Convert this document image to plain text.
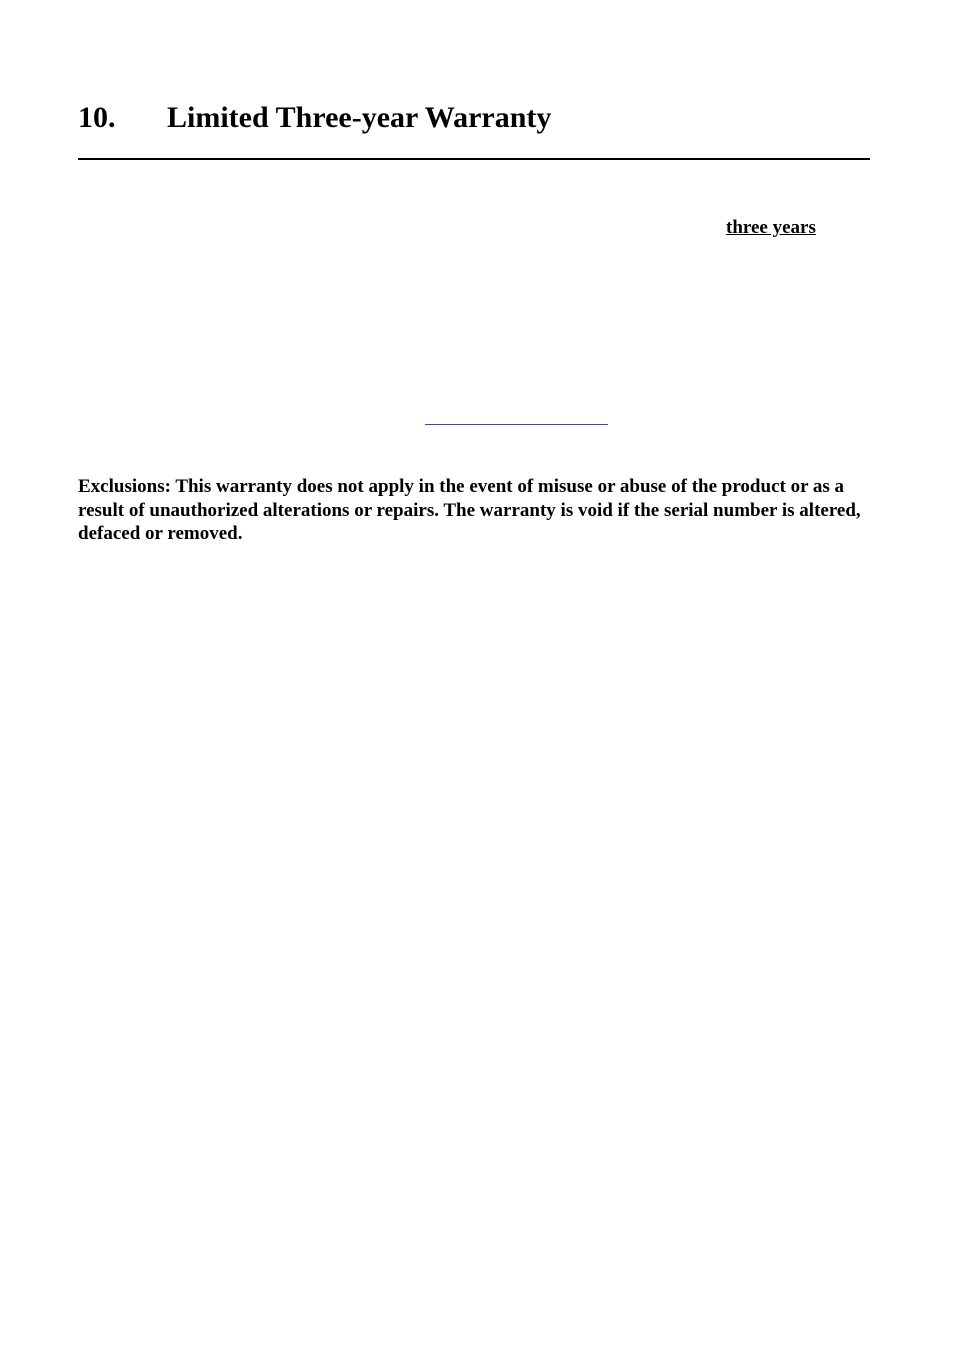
10. Limited Three-year Warranty
three years

Exclusions: This warranty does not apply in the event of misuse or abuse of the product or as a result of unauthorized alterations or repairs. The warranty is void if the serial number is altered, defaced or removed.
